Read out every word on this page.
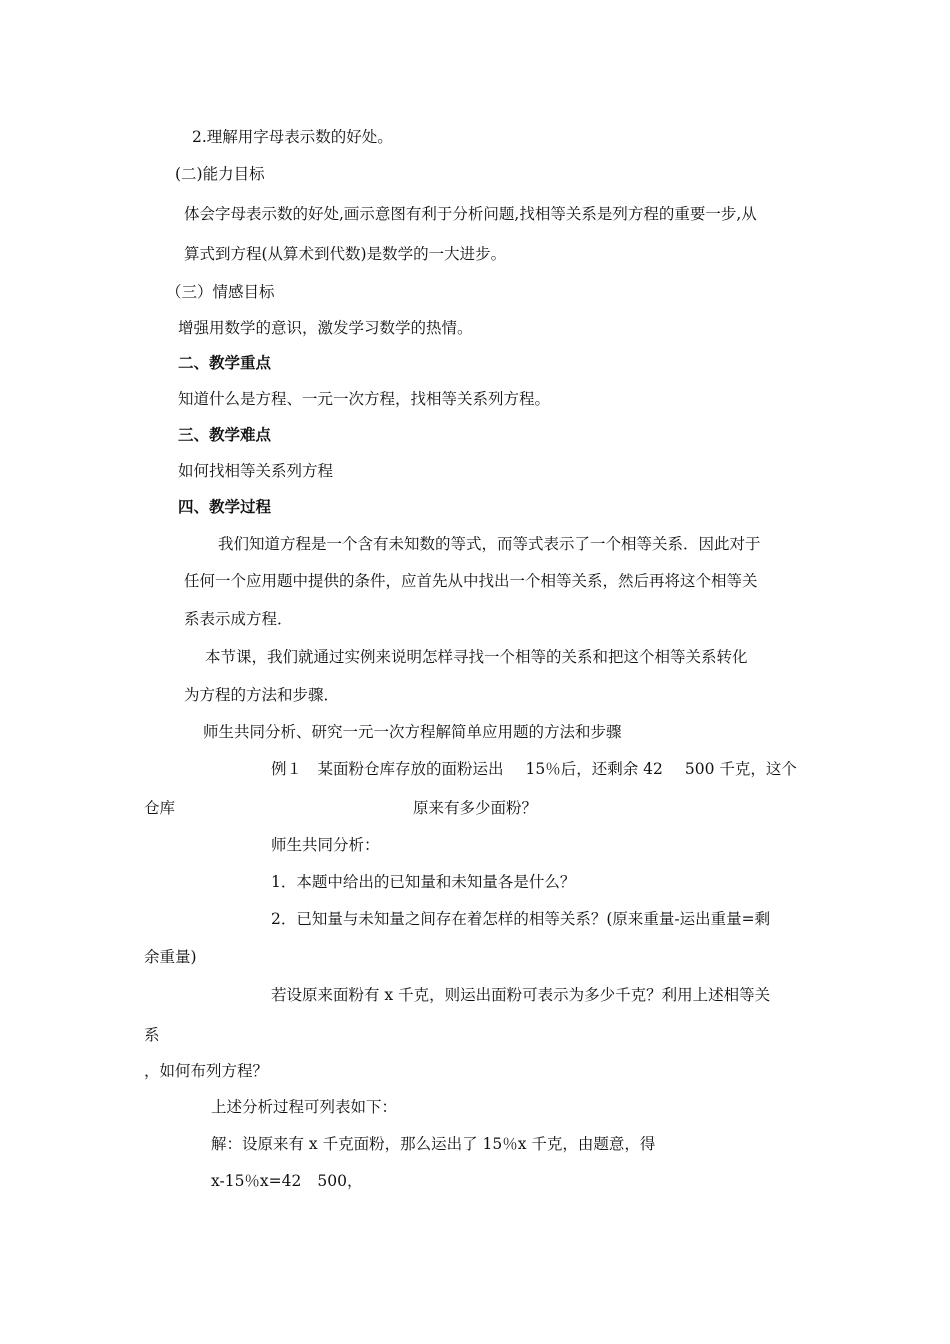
2.理解用字母表示数的好处。
(二)能力目标
体会字母表示数的好处,画示意图有利于分析问题,找相等关系是列方程的重要一步,从
算式到方程(从算术到代数)是数学的一大进步。
（三）情感目标
增强用数学的意识，激发学习数学的热情。
二、教学重点
知道什么是方程、一元一次方程，找相等关系列方程。
三、教学难点
如何找相等关系列方程
四、教学过程
我们知道方程是一个含有未知数的等式，而等式表示了一个相等关系．因此对于
任何一个应用题中提供的条件，应首先从中找出一个相等关系，然后再将这个相等关
系表示成方程．
本节课，我们就通过实例来说明怎样寻找一个相等的关系和把这个相等关系转化
为方程的方法和步骤．
师生共同分析、研究一元一次方程解简单应用题的方法和步骤
例１　某面粉仓库存放的面粉运出 15％后，还剩余 42 500 千克，这个
仓库	原来有多少面粉？
师生共同分析：
1．本题中给出的已知量和未知量各是什么？
2．已知量与未知量之间存在着怎样的相等关系？(原来重量-运出重量=剩
余重量)
若设原来面粉有 x 千克，则运出面粉可表示为多少千克？利用上述相等关
系
，如何布列方程？
上述分析过程可列表如下：
解：设原来有 x 千克面粉，那么运出了 15％x 千克，由题意，得
x-15％x=42 500，
